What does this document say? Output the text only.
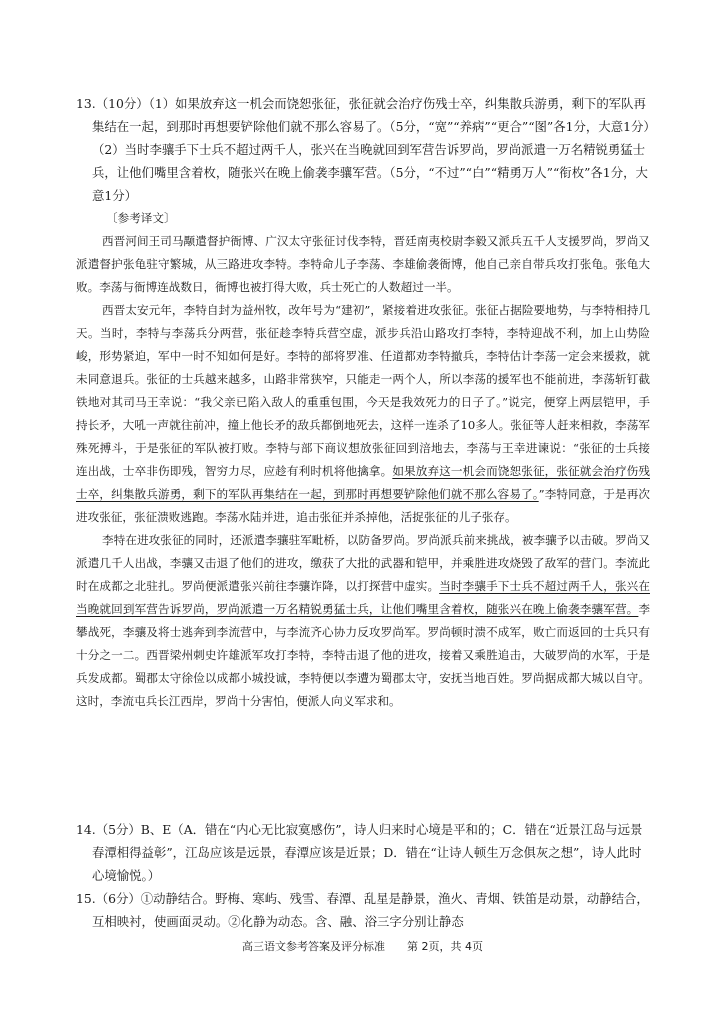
13.（10分）（1）如果放弃这一机会而饶恕张征，张征就会治疗伤残士卒，纠集散兵游勇，剩下的军队再集结在一起，到那时再想要铲除他们就不那么容易了。（5分，“宽”“养病”“更合”“图”各1分，大意1分）（2）当时李骧手下士兵不超过两千人，张兴在当晚就回到军营告诉罗尚，罗尚派遣一万名精锐勇猛士兵，让他们嘴里含着枚，随张兴在晚上偷袭李骧军营。（5分，“不过”“白”“精勇万人”“衔枚”各1分，大意1分）

〔参考译文〕

西晋河间王司马颙遣督护衙博、广汉太守张征讨伐李特，晋廷南夷校尉李毅又派兵五千人支援罗尚，罗尚又派遣督护张龟驻守繁城，从三路进攻李特。李特命儿子李荡、李雄偷袭衙博，他自己亲自带兵攻打张龟。张龟大败。李荡与衙博连战数日，衙博也被打得大败，兵士死亡的人数超过一半。

西晋太安元年，李特自封为益州牧，改年号为“建初”，紧接着进攻张征。张征占据险要地势，与李特相持几天。当时，李特与李荡兵分两营，张征趁李特兵营空虚，派步兵沿山路攻打李特，李特迎战不利，加上山势险峻，形势紧迫，军中一时不知如何是好。李特的部将罗准、任道都劝李特撤兵，李特估计李荡一定会来援救，就未同意退兵。张征的士兵越来越多，山路非常狭窄，只能走一两个人，所以李荡的援军也不能前进，李荡斩钉截铁地对其司马王幸说：“我父亲已陷入敌人的重重包围，今天是我效死力的日子了。”说完，便穿上两层铠甲，手持长矛，大吼一声就往前冲，撞上他长矛的敌兵都倒地死去，这样一连杀了10多人。张征等人赶来相救，李荡军殊死搏斗，于是张征的军队被打败。李特与部下商议想放张征回到涪地去，李荡与王幸进谏说：“张征的士兵接连出战，士卒非伤即残，智穷力尽，应趁有利时机将他擒拿。如果放弃这一机会而饶恕张征，张征就会治疗伤残士卒，纠集散兵游勇，剩下的军队再集结在一起，到那时再想要铲除他们就不那么容易了。”李特同意，于是再次进攻张征，张征溃败逃跑。李荡水陆并进，追击张征并杀掉他，活捉张征的儿子张存。

李特在进攻张征的同时，还派遣李骧驻军毗桥，以防备罗尚。罗尚派兵前来挑战，被李骧予以击破。罗尚又派遣几千人出战，李骧又击退了他们的进攻，缴获了大批的武器和铠甲，并乘胜进攻烧毁了敌军的营门。李流此时在成都之北驻扎。罗尚便派遣张兴前往李骧诈降，以打探营中虚实。当时李骧手下士兵不超过两千人，张兴在当晚就回到军营告诉罗尚，罗尚派遣一万名精锐勇猛士兵，让他们嘴里含着枚，随张兴在晚上偷袭李骧军营。李攀战死，李骧及将士逃奔到李流营中，与李流齐心协力反攻罗尚军。罗尚顿时溃不成军，败亡而返回的士兵只有十分之一二。西晋梁州刺史许雄派军攻打李特，李特击退了他的进攻，接着又乘胜追击，大破罗尚的水军，于是兵发成都。蜀郡太守徐俭以成都小城投诚，李特便以李遭为蜀郡太守，安抚当地百姓。罗尚据成都大城以自守。这时，李流屯兵长江西岸，罗尚十分害怕，便派人向义军求和。

14.（5分）B、E（A．错在“内心无比寂寞感伤”，诗人归来时心境是平和的；C．错在“近景江岛与远景春潭相得益彰”，江岛应该是远景，春潭应该是近景；D．错在“让诗人顿生万念俱灰之想”，诗人此时心境愉悦。）

15.（6分）①动静结合。野梅、寒屿、残雪、春潭、乱星是静景，渔火、青烟、铁笛是动景，动静结合，互相映衬，使画面灵动。②化静为动态。含、融、浴三字分别让静态

高三语文参考答案及评分标准　　第 2页，共 4页
